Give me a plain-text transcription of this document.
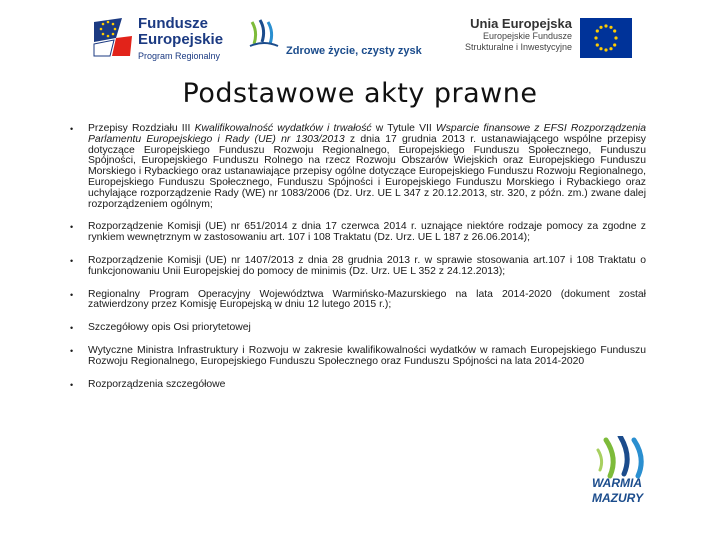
Fundusze
Europejskie
Program Regionalny	Zdrowe życie, czysty zysk
Unia Europejska
Europejskie Fundusze
Strukturalne i Inwestycyjne
Podstawowe akty prawne
• Przepisy Rozdziału III Kwalifikowalność wydatków i trwałość w Tytule VII Wsparcie finansowe z EFSI Rozporządzenia Parlamentu Europejskiego i Rady (UE) nr 1303/2013 z dnia 17 grudnia 2013 r. ustanawiającego wspólne przepisy dotyczące Europejskiego Funduszu Rozwoju Regionalnego, Europejskiego Funduszu Społecznego, Funduszu Spójności, Europejskiego Funduszu Rolnego na rzecz Rozwoju Obszarów Wiejskich oraz Europejskiego Funduszu Morskiego i Rybackiego oraz ustanawiające przepisy ogólne dotyczące Europejskiego Funduszu Rozwoju Regionalnego, Europejskiego Funduszu Społecznego, Funduszu Spójności i Europejskiego Funduszu Morskiego i Rybackiego oraz uchylające rozporządzenie Rady (WE) nr 1083/2006 (Dz. Urz. UE L 347 z 20.12.2013, str. 320, z późn. zm.) zwane dalej rozporządzeniem ogólnym;
• Rozporządzenie Komisji (UE) nr 651/2014 z dnia 17 czerwca 2014 r. uznające niektóre rodzaje pomocy za zgodne z rynkiem wewnętrznym w zastosowaniu art. 107 i 108 Traktatu (Dz. Urz. UE L 187 z 26.06.2014);
• Rozporządzenie Komisji (UE) nr 1407/2013 z dnia 28 grudnia 2013 r. w sprawie stosowania art.107 i 108 Traktatu o funkcjonowaniu Unii Europejskiej do pomocy de minimis (Dz. Urz. UE L 352 z 24.12.2013);
• Regionalny Program Operacyjny Województwa Warmińsko-Mazurskiego na lata 2014-2020 (dokument został zatwierdzony przez Komisję Europejską w dniu 12 lutego 2015 r.);
• Szczegółowy opis Osi priorytetowej
• Wytyczne Ministra Infrastruktury i Rozwoju w zakresie kwalifikowalności wydatków w ramach Europejskiego Funduszu Rozwoju Regionalnego, Europejskiego Funduszu Społecznego oraz Funduszu Spójności na lata 2014-2020
• Rozporządzenia szczegółowe
WARMIA
MAZURY
